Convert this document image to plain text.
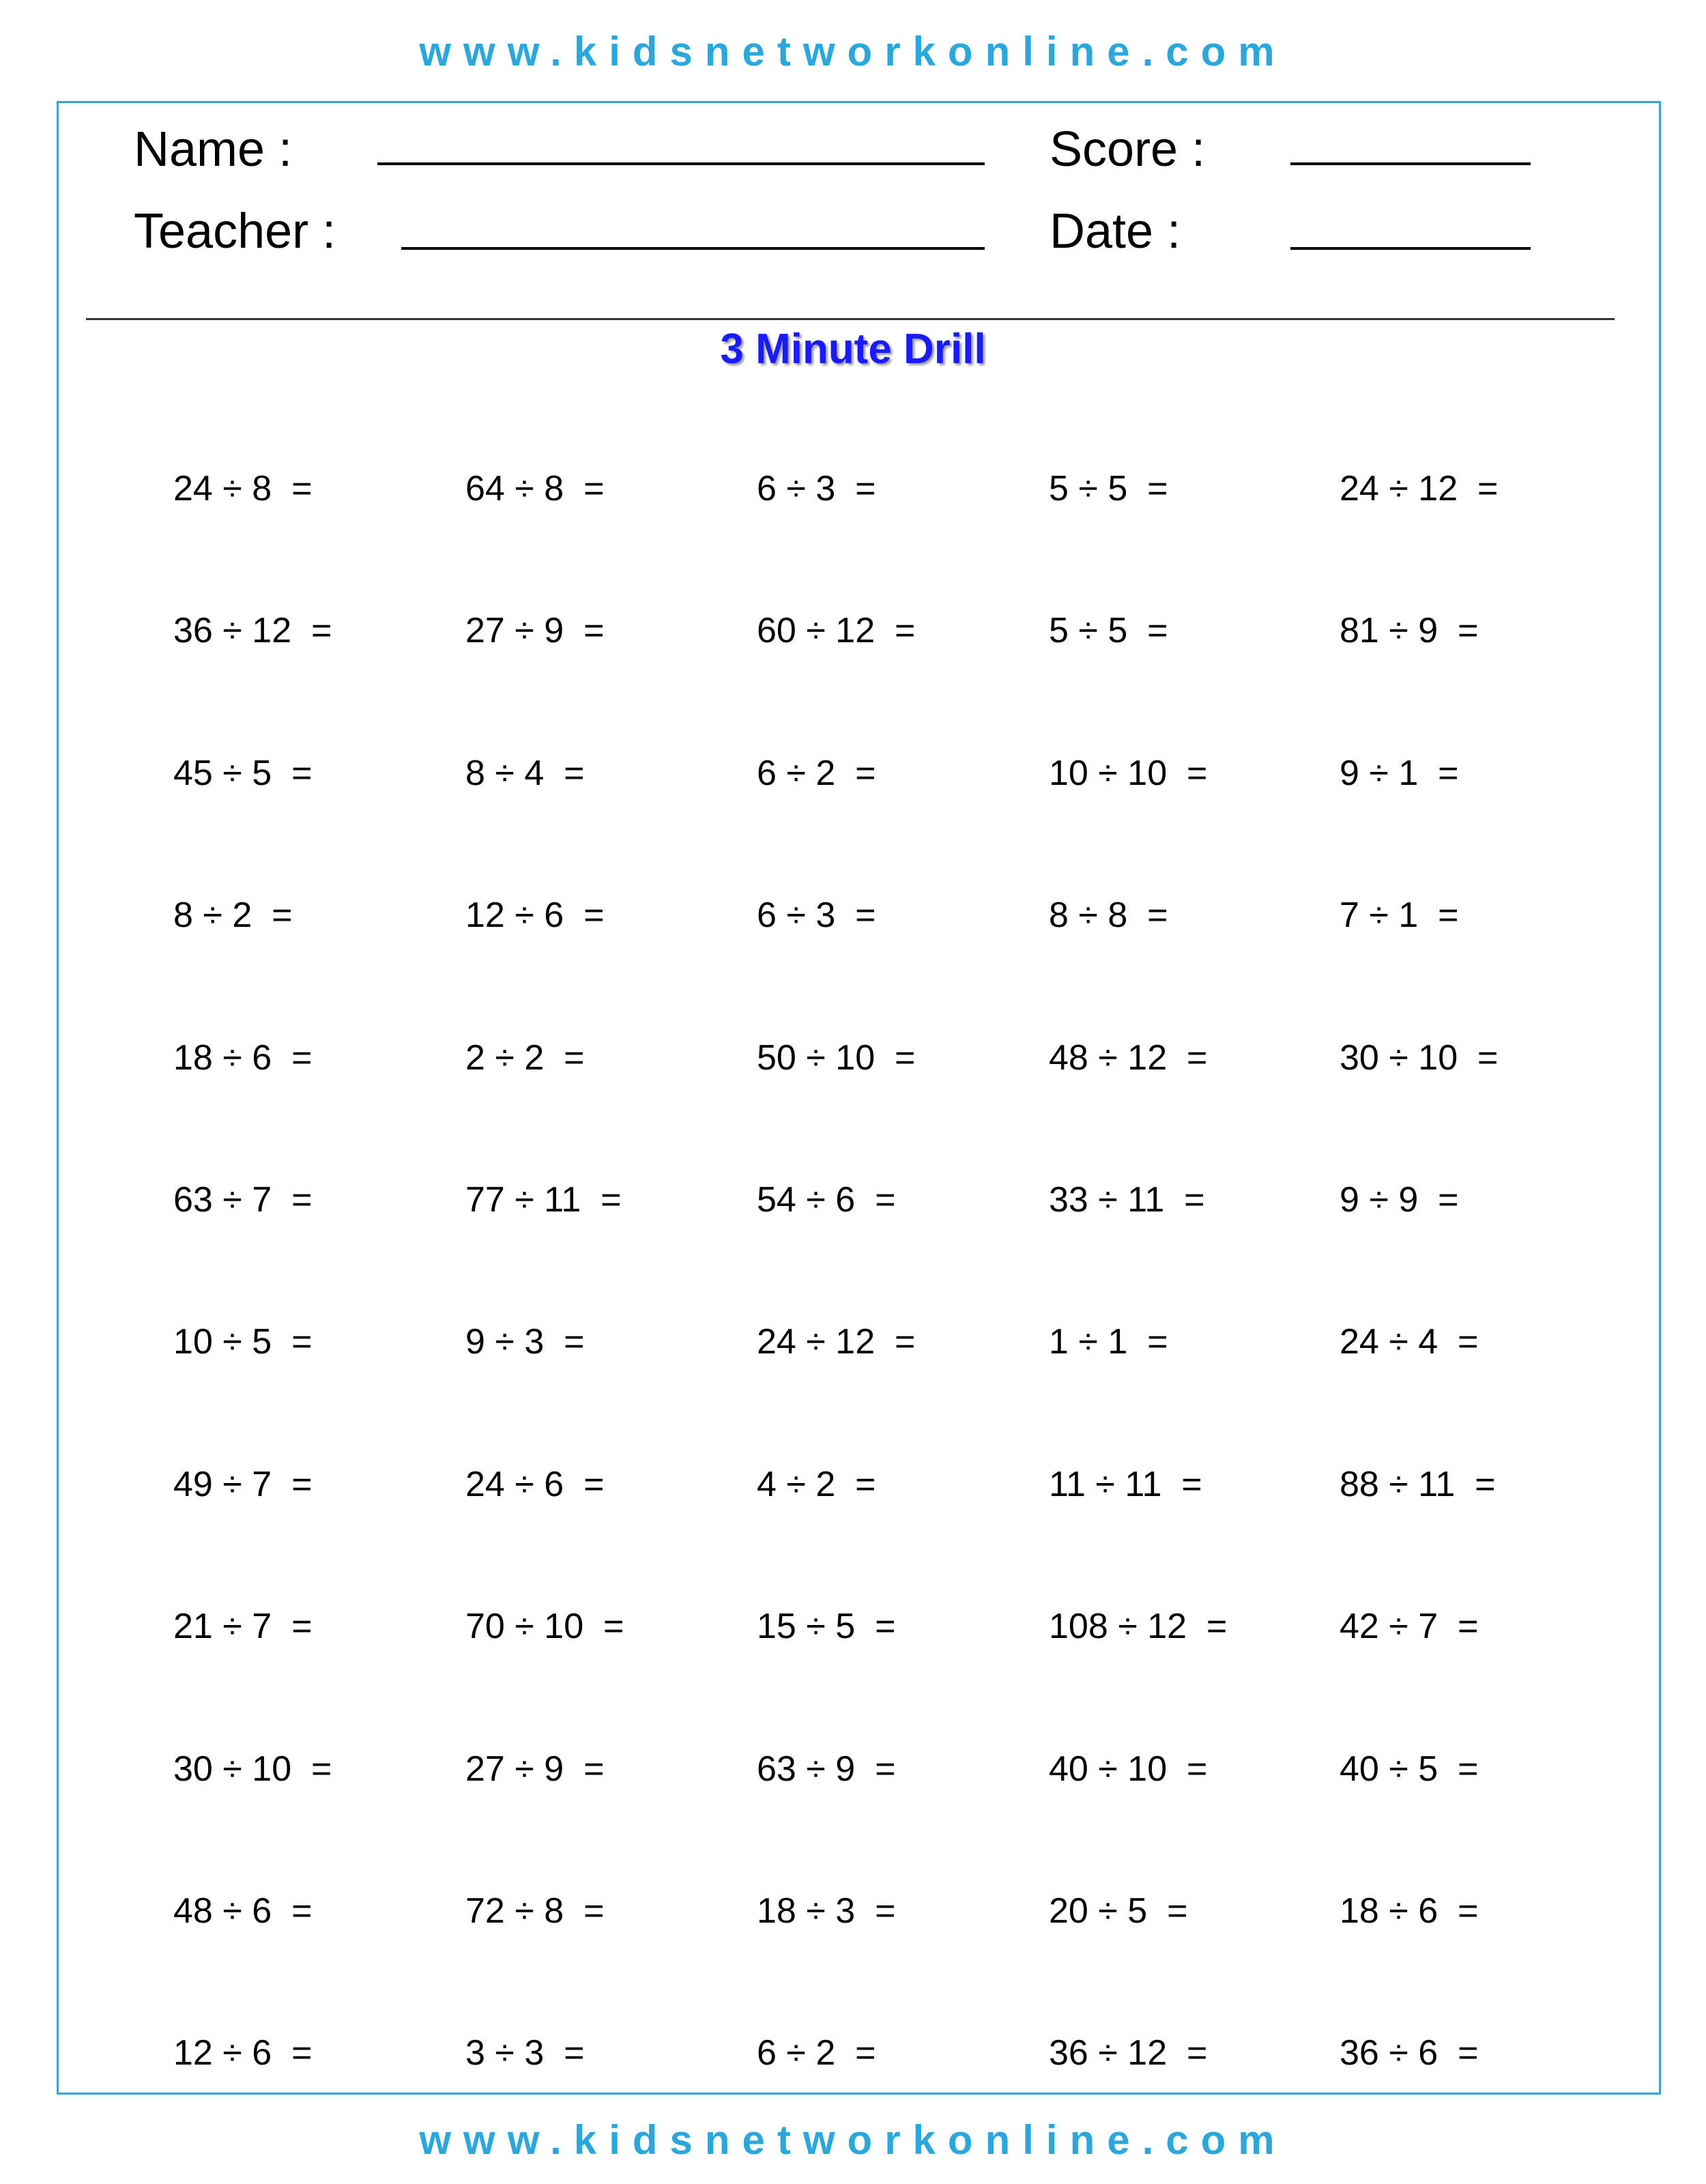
www.kidsnetworkonline.com
Name :
Teacher :
Score :
Date :
3 Minute Drill
24 ÷ 8  =	64 ÷ 8  =	6 ÷ 3  =	5 ÷ 5  =	24 ÷ 12  =
36 ÷ 12  =	27 ÷ 9  =	60 ÷ 12  =	5 ÷ 5  =	81 ÷ 9  =
45 ÷ 5  =	8 ÷ 4  =	6 ÷ 2  =	10 ÷ 10  =	9 ÷ 1  =
8 ÷ 2  =	12 ÷ 6  =	6 ÷ 3  =	8 ÷ 8  =	7 ÷ 1  =
18 ÷ 6  =	2 ÷ 2  =	50 ÷ 10  =	48 ÷ 12  =	30 ÷ 10  =
63 ÷ 7  =	77 ÷ 11  =	54 ÷ 6  =	33 ÷ 11  =	9 ÷ 9  =
10 ÷ 5  =	9 ÷ 3  =	24 ÷ 12  =	1 ÷ 1  =	24 ÷ 4  =
49 ÷ 7  =	24 ÷ 6  =	4 ÷ 2  =	11 ÷ 11  =	88 ÷ 11  =
21 ÷ 7  =	70 ÷ 10  =	15 ÷ 5  =	108 ÷ 12  =	42 ÷ 7  =
30 ÷ 10  =	27 ÷ 9  =	63 ÷ 9  =	40 ÷ 10  =	40 ÷ 5  =
48 ÷ 6  =	72 ÷ 8  =	18 ÷ 3  =	20 ÷ 5  =	18 ÷ 6  =
12 ÷ 6  =	3 ÷ 3  =	6 ÷ 2  =	36 ÷ 12  =	36 ÷ 6  =
www.kidsnetworkonline.com
